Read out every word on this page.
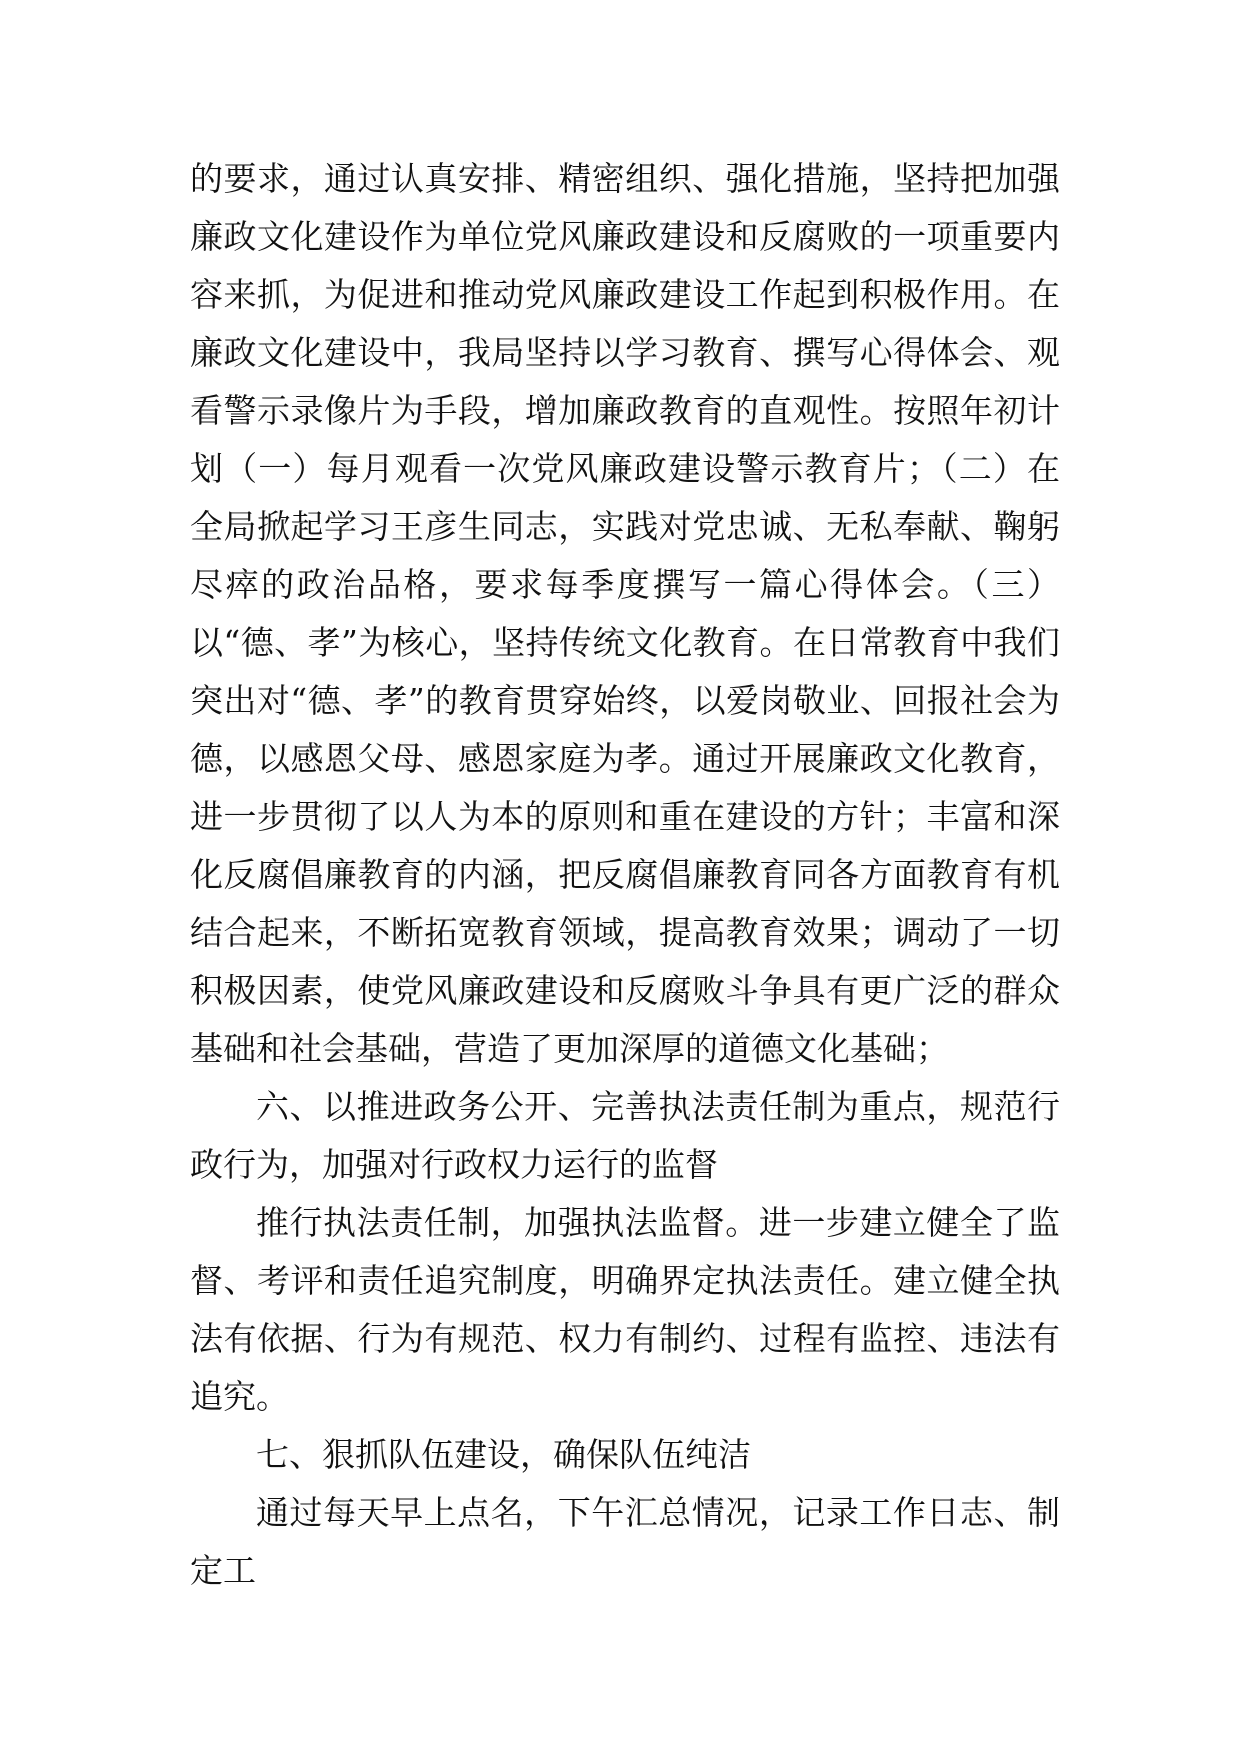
的要求，通过认真安排、精密组织、强化措施，坚持把加强廉政文化建设作为单位党风廉政建设和反腐败的一项重要内容来抓，为促进和推动党风廉政建设工作起到积极作用。在廉政文化建设中，我局坚持以学习教育、撰写心得体会、观看警示录像片为手段，增加廉政教育的直观性。按照年初计划（一）每月观看一次党风廉政建设警示教育片；（二）在全局掀起学习王彦生同志，实践对党忠诚、无私奉献、鞠躬尽瘁的政治品格，要求每季度撰写一篇心得体会。（三）以“德、孝”为核心，坚持传统文化教育。在日常教育中我们突出对“德、孝”的教育贯穿始终，以爱岗敬业、回报社会为德，以感恩父母、感恩家庭为孝。通过开展廉政文化教育，进一步贯彻了以人为本的原则和重在建设的方针；丰富和深化反腐倡廉教育的内涵，把反腐倡廉教育同各方面教育有机结合起来，不断拓宽教育领域，提高教育效果；调动了一切积极因素，使党风廉政建设和反腐败斗争具有更广泛的群众基础和社会基础，营造了更加深厚的道德文化基础；

六、以推进政务公开、完善执法责任制为重点，规范行政行为，加强对行政权力运行的监督

推行执法责任制，加强执法监督。进一步建立健全了监督、考评和责任追究制度，明确界定执法责任。建立健全执法有依据、行为有规范、权力有制约、过程有监控、违法有追究。

七、狠抓队伍建设，确保队伍纯洁

通过每天早上点名，下午汇总情况，记录工作日志、制定工
